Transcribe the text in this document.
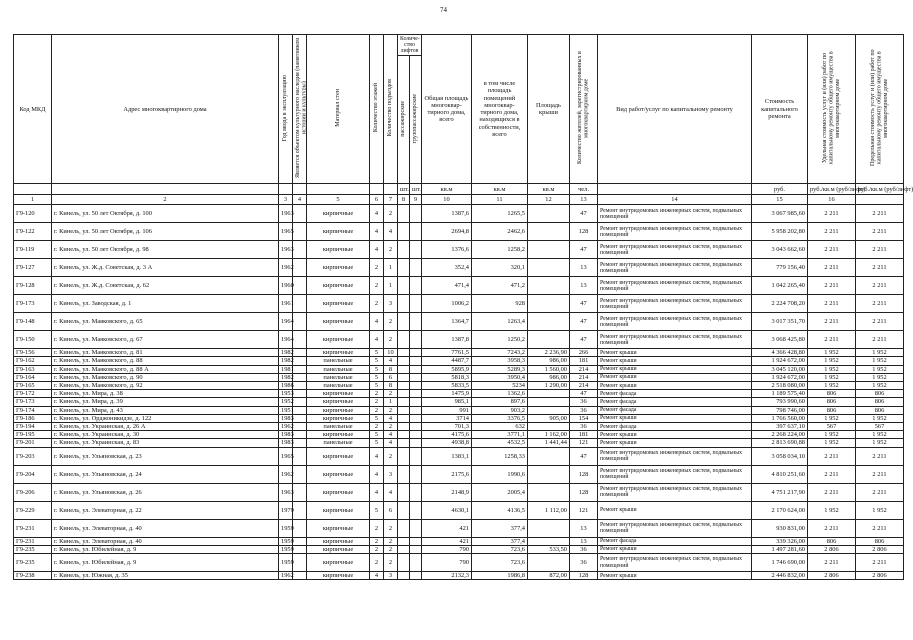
74
Код МКД	Адрес многоквартирного дома	Год ввода в эксплуатацию	Является объектом культурного наследия (памятником истории и культуры)	Материал стен	Количество этажей	Количество подъездов	Количе-ство лифтов		Общая площадь многоквар-тирного дома, всего	в том числе площадь помещений многоквар-тирного дома, находящихся в собственности, всего	Площадь крыши	Количество жителей, зарегистрированных в многоквартирном доме	Вид работ/услуг по капитальному ремонту	Стоимость капитального ремонта	Удельная стоимость услуг и (или) работ по капитальному ремонту общего имущества в многоквартирном доме	Предельная стоимость услуг и (или) работ по капитальному ремонту общего имущества в многоквартирном доме
							пассажирские	грузопассажирские								
							шт.	шт.	кв.м	кв.м	кв.м	чел.		руб.	руб./кв.м (руб/лифт)	руб./кв.м (руб/лифт)
1	2	3	4	5	6	7	8	9	10	11	12	13	14	15	16	
Г9-120	г. Кинель, ул. 50 лет Октября, д. 100	1963		кирпичные	4	2			1387,6	1265,5		47	Ремонт внутридомовых инженерных систем, подвальных помещений	3 067 985,60	2 211	2 211
Г9-122	г. Кинель, ул. 50 лет Октября, д. 106	1965		кирпичные	4	4			2694,8	2462,6		128	Ремонт внутридомовых инженерных систем, подвальных помещений	5 958 202,80	2 211	2 211
Г9-119	г. Кинель, ул. 50 лет Октября, д. 98	1963		кирпичные	4	2			1376,6	1258,2		47	Ремонт внутридомовых инженерных систем, подвальных помещений	3 043 662,60	2 211	2 211
Г9-127	г. Кинель, ул. Ж.д. Советская, д. 3 А	1962		кирпичные	2	1			352,4	320,1		13	Ремонт внутридомовых инженерных систем, подвальных помещений	779 156,40	2 211	2 211
Г9-128	г. Кинель, ул. Ж.д. Советская, д. 62	1960		кирпичные	2	1			471,4	471,2		13	Ремонт внутридомовых инженерных систем, подвальных помещений	1 042 265,40	2 211	2 211
Г9-173	г. Кинель, ул. Заводская, д. 1	1961		кирпичные	2	3			1006,2	928		47	Ремонт внутридомовых инженерных систем, подвальных помещений	2 224 708,20	2 211	2 211
Г9-148	г. Кинель, ул. Маяковского, д. 65	1964		кирпичные	4	2			1364,7	1263,4		47	Ремонт внутридомовых инженерных систем, подвальных помещений	3 017 351,70	2 211	2 211
Г9-150	г. Кинель, ул. Маяковского, д. 67	1964		кирпичные	4	2			1387,8	1250,2		47	Ремонт внутридомовых инженерных систем, подвальных помещений	3 068 425,80	2 211	2 211
Г9-156	г. Кинель, ул. Маяковского, д. 81	1982		кирпичные	5	10			7761,5	7243,2	2 236,90	266	Ремонт крыши	4 366 428,80	1 952	1 952
Г9-162	г. Кинель, ул. Маяковского, д. 88	1982		панельные	5	4			4487,7	3958,3	986,00	181	Ремонт крыши	1 924 672,00	1 952	1 952
Г9-163	г. Кинель, ул. Маяковского, д. 88 А	1981		панельные	5	8			5895,9	5289,3	1 560,00	214	Ремонт крыши	3 045 120,00	1 952	1 952
Г9-164	г. Кинель, ул. Маяковского, д. 90	1982		панельные	5	6			5818,3	3950,4	986,00	214	Ремонт крыши	1 924 672,00	1 952	1 952
Г9-165	г. Кинель, ул. Маяковского, д. 92	1986		панельные	5	8			5833,5	5234	1 290,00	214	Ремонт крыши	2 518 080,00	1 952	1 952
Г9-172	г. Кинель, ул. Мира, д. 38	1953		кирпичные	2	2			1475,9	1362,6		47	Ремонт фасада	1 189 575,40	806	806
Г9-173	г. Кинель, ул. Мира, д. 39	1952		кирпичные	2	1			985,1	897,6		36	Ремонт фасада	793 990,60	806	806
Г9-174	г. Кинель, ул. Мира, д. 43	1951		кирпичные	2	2			991	903,2		36	Ремонт фасада	798 746,00	806	806
Г9-186	г. Кинель, ул. Орджоникидзе, д. 122	1983		кирпичные	5	4			3714	3376,5	905,00	154	Ремонт крыши	1 766 560,00	1 952	1 952
Г9-194	г. Кинель, ул. Украинская, д. 26 А	1962		панельные	2	2			701,3	632		36	Ремонт фасада	397 637,10	567	567
Г9-195	г. Кинель, ул. Украинская, д. 30	1983		кирпичные	5	4			4175,6	3771,1	1 162,00	181	Ремонт крыши	2 268 224,00	1 952	1 952
Г9-201	г. Кинель, ул. Украинская, д. 83	1983		панельные	5	4			4938,8	4532,5	1 441,44	121	Ремонт крыши	2 813 690,88	1 952	1 952
Г9-203	г. Кинель, ул. Ульяновская, д. 23	1965		кирпичные	4	2			1383,1	1258,33		47	Ремонт внутридомовых инженерных систем, подвальных помещений	3 058 034,10	2 211	2 211
Г9-204	г. Кинель, ул. Ульяновская, д. 24	1962		кирпичные	4	3			2175,6	1990,6		128	Ремонт внутридомовых инженерных систем, подвальных помещений	4 810 251,60	2 211	2 211
Г9-206	г. Кинель, ул. Ульяновская, д. 26	1963		кирпичные	4	4			2148,9	2005,4		128	Ремонт внутридомовых инженерных систем, подвальных помещений	4 751 217,90	2 211	2 211
Г9-229	г. Кинель, ул. Элеваторная, д. 22	1979		кирпичные	5	6			4630,1	4136,5	1 112,00	121	Ремонт крыши	2 170 624,00	1 952	1 952
Г9-231	г. Кинель, ул. Элеваторная, д. 40	1959		кирпичные	2	2			421	377,4		13	Ремонт внутридомовых инженерных систем, подвальных помещений	930 831,00	2 211	2 211
Г9-231	г. Кинель, ул. Элеваторная, д. 40	1959		кирпичные	2	2			421	377,4		13	Ремонт фасада	339 326,00	806	806
Г9-235	г. Кинель, ул. Юбилейная, д. 9	1959		кирпичные	2	2			790	723,6	533,50	36	Ремонт крыши	1 497 281,60	2 806	2 806
Г9-235	г. Кинель, ул. Юбилейная, д. 9	1959		кирпичные	2	2			790	723,6		36	Ремонт внутридомовых инженерных систем, подвальных помещений	1 746 690,00	2 211	2 211
Г9-238	г. Кинель, ул. Южная, д. 35	1962		кирпичные	4	3			2132,3	1986,8	872,00	128	Ремонт крыши	2 446 832,00	2 806	2 806
